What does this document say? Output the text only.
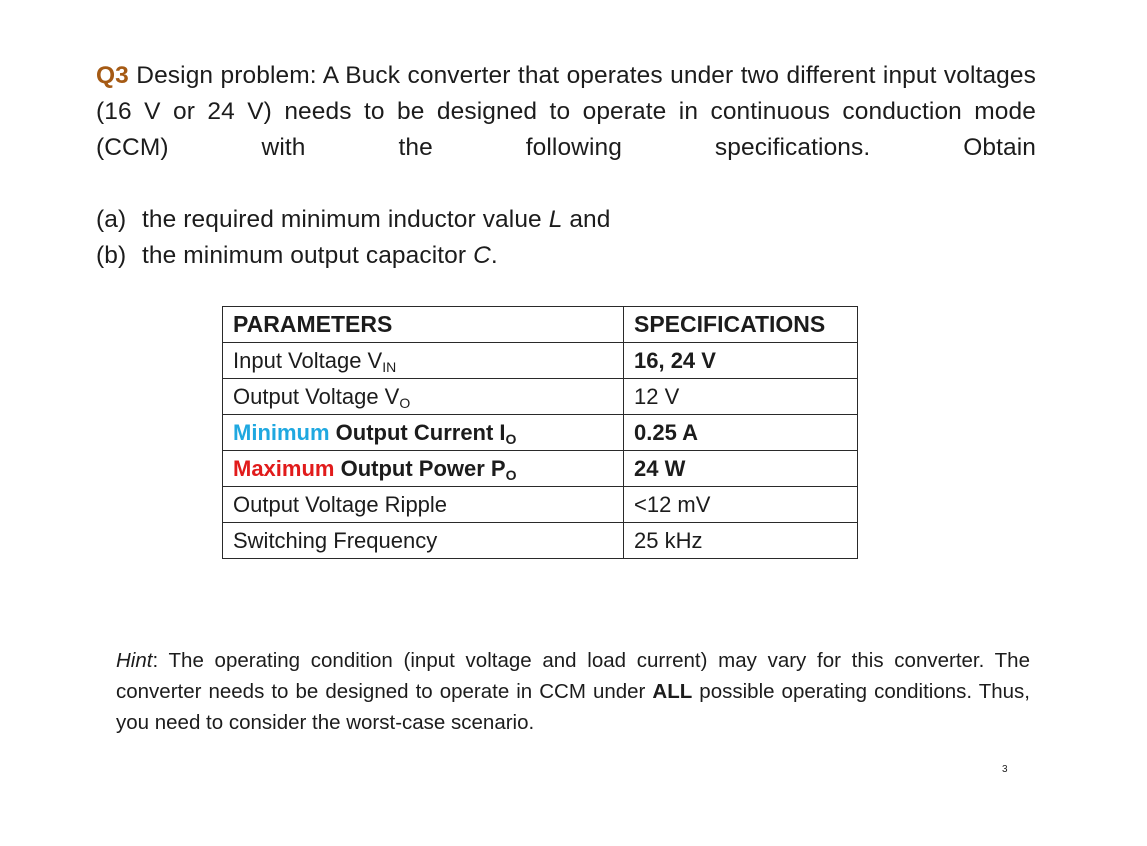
Q3 Design problem: A Buck converter that operates under two different input voltages (16 V or 24 V) needs to be designed to operate in continuous conduction mode (CCM) with the following specifications. Obtain

(a) the required minimum inductor value L and
(b) the minimum output capacitor C.
PARAMETERS	SPECIFICATIONS
Input Voltage $V_{IN}$	16, 24 V
Output Voltage $V_O$	12 V
Minimum Output Current $I_O$	0.25 A
Maximum Output Power $P_O$	24 W
Output Voltage Ripple	<12 mV
Switching Frequency	25 kHz

Hint: The operating condition (input voltage and load current) may vary for this converter. The converter needs to be designed to operate in CCM under ALL possible operating conditions. Thus, you need to consider the worst-case scenario.

3
